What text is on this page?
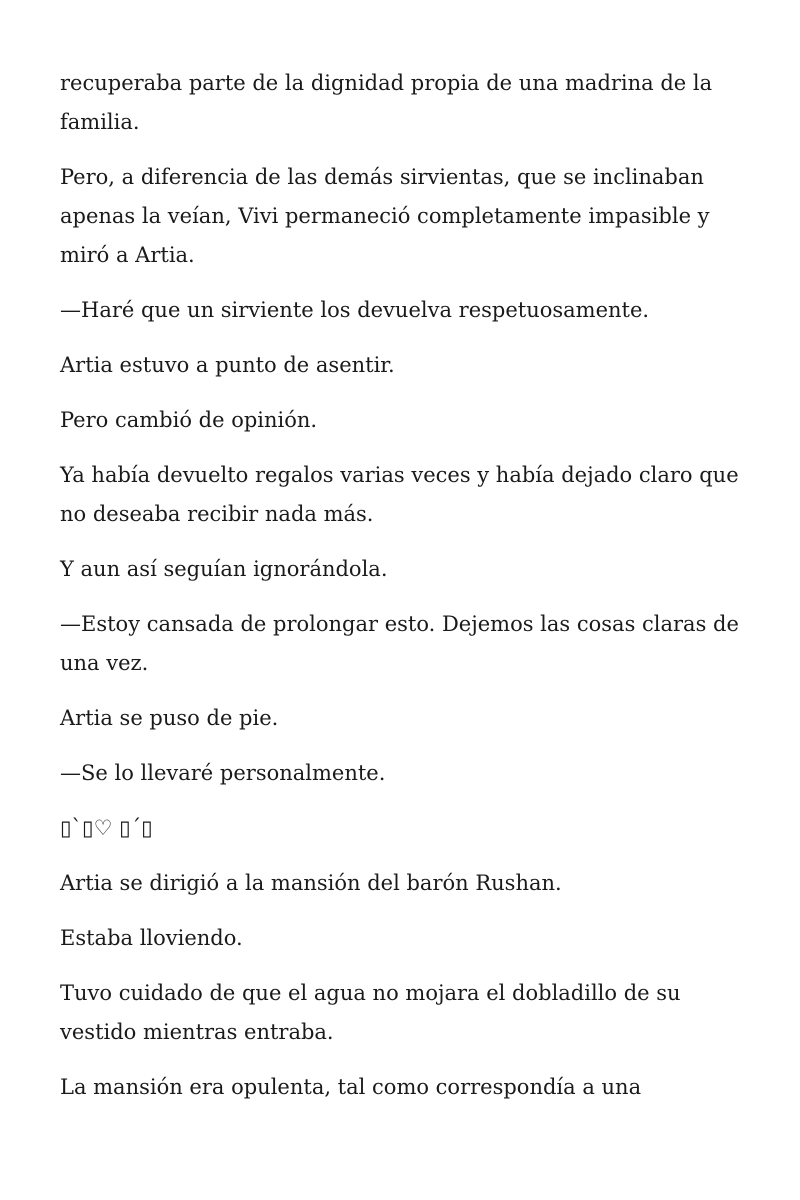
recuperaba parte de la dignidad propia de una madrina de la familia.

Pero, a diferencia de las demás sirvientas, que se inclinaban apenas la veían, Vivi permaneció completamente impasible y miró a Artia.

—Haré que un sirviente los devuelva respetuosamente.

Artia estuvo a punto de asentir.

Pero cambió de opinión.

Ya había devuelto regalos varias veces y había dejado claro que no deseaba recibir nada más.

Y aun así seguían ignorándola.

—Estoy cansada de prolongar esto. Dejemos las cosas claras de una vez.

Artia se puso de pie.

—Se lo llevaré personalmente.

▯`▯♡ ▯´▯

Artia se dirigió a la mansión del barón Rushan.

Estaba lloviendo.

Tuvo cuidado de que el agua no mojara el dobladillo de su vestido mientras entraba.

La mansión era opulenta, tal como correspondía a una
